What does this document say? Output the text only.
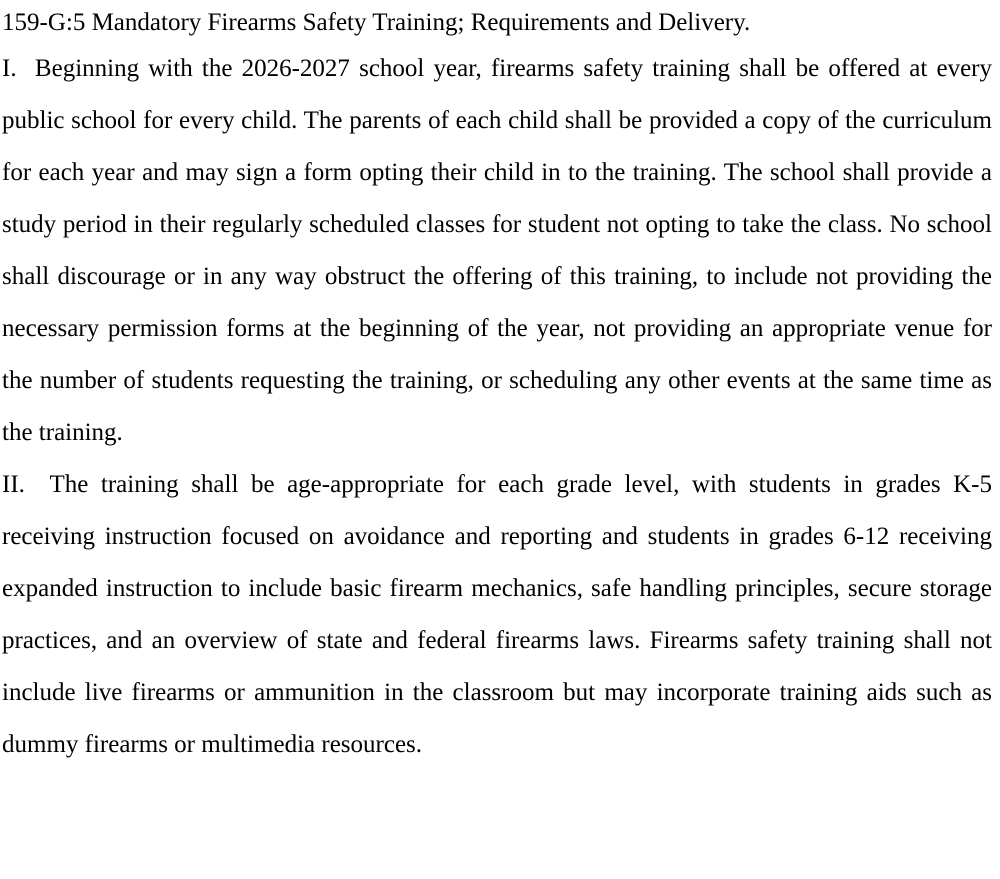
159-G:5 Mandatory Firearms Safety Training; Requirements and Delivery.

I.  Beginning with the 2026-2027 school year, firearms safety training shall be offered at every public school for every child. The parents of each child shall be provided a copy of the curriculum for each year and may sign a form opting their child in to the training. The school shall provide a study period in their regularly scheduled classes for student not opting to take the class. No school shall discourage or in any way obstruct the offering of this training, to include not providing the necessary permission forms at the beginning of the year, not providing an appropriate venue for the number of students requesting the training, or scheduling any other events at the same time as the training.

II.  The training shall be age-appropriate for each grade level, with students in grades K-5 receiving instruction focused on avoidance and reporting and students in grades 6-12 receiving expanded instruction to include basic firearm mechanics, safe handling principles, secure storage practices, and an overview of state and federal firearms laws. Firearms safety training shall not include live firearms or ammunition in the classroom but may incorporate training aids such as dummy firearms or multimedia resources.
